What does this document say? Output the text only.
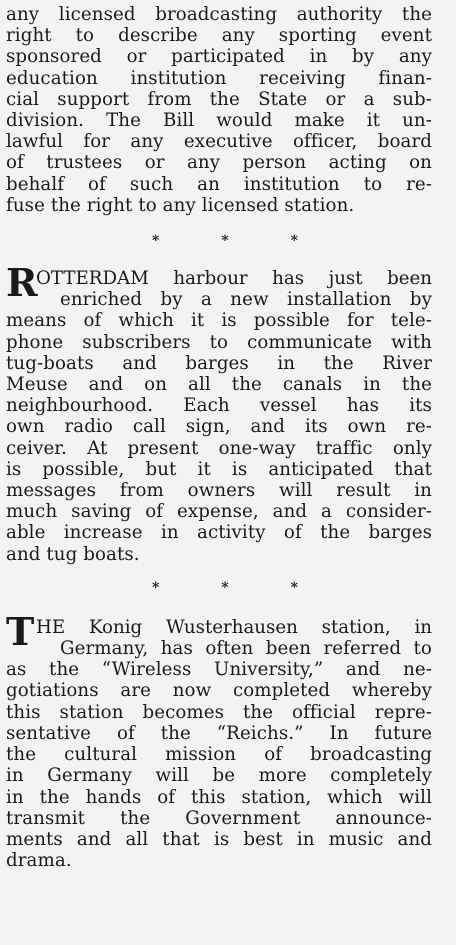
any licensed broadcasting authority the
right to describe any sporting event
sponsored or participated in by any
education institution receiving finan-
cial support from the State or a sub-
division. The Bill would make it un-
lawful for any executive officer, board
of trustees or any person acting on
behalf of such an institution to re-
fuse the right to any licensed station.
*	*	*
R
OTTERDAM harbour has just been
enriched by a new installation by
means of which it is possible for tele-
phone subscribers to communicate with
tug-boats and barges in the River
Meuse and on all the canals in the
neighbourhood. Each vessel has its
own radio call sign, and its own re-
ceiver. At present one-way traffic only
is possible, but it is anticipated that
messages from owners will result in
much saving of expense, and a consider-
able increase in activity of the barges
and tug boats.
*	*	*
T HE Konig Wusterhausen station, in
Germany, has often been referred to
as the “Wireless University,” and ne-
gotiations are now completed whereby
this station becomes the official repre-
sentative of the “Reichs.” In future
the cultural mission of broadcasting
in Germany will be more completely
in the hands of this station, which will
transmit the Government announce-
ments and all that is best in music and
drama.
